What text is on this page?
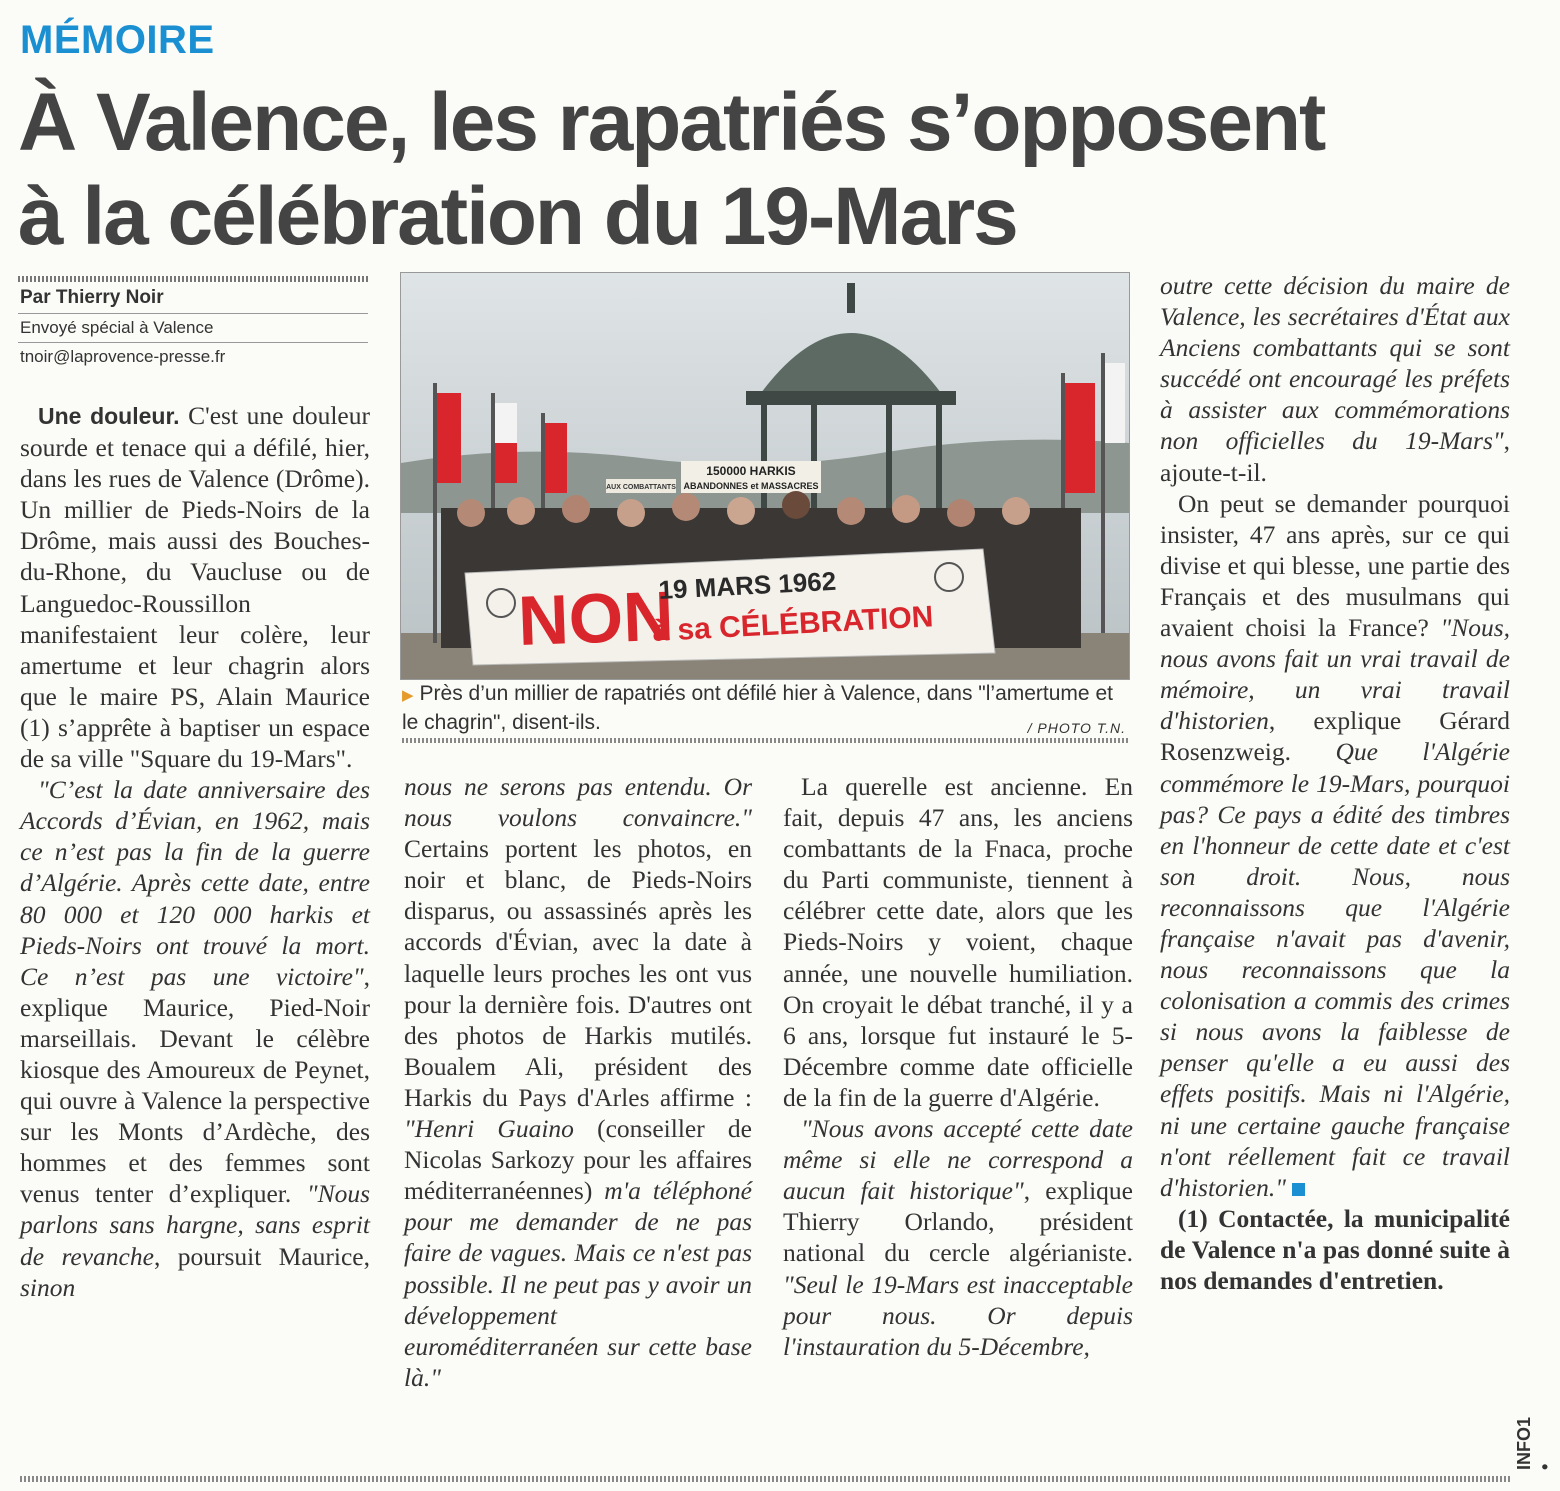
MÉMOIRE
À Valence, les rapatriés s’opposent
à la célébration du 19-Mars
Par Thierry Noir
Envoyé spécial à Valence
tnoir@laprovence-presse.fr

Une douleur. C'est une douleur sourde et tenace qui a défilé, hier, dans les rues de Valence (Drôme). Un millier de Pieds-Noirs de la Drôme, mais aussi des Bouches-du-Rhone, du Vaucluse ou de Languedoc-Roussillon manifestaient leur colère, leur amertume et leur chagrin alors que le maire PS, Alain Maurice (1) s’apprête à baptiser un espace de sa ville "Square du 19-Mars".

"C’est la date anniversaire des Accords d’Évian, en 1962, mais ce n’est pas la fin de la guerre d’Algérie. Après cette date, entre 80 000 et 120 000 harkis et Pieds-Noirs ont trouvé la mort. Ce n’est pas une victoire", explique Maurice, Pied-Noir marseillais. Devant le célèbre kiosque des Amoureux de Peynet, qui ouvre à Valence la perspective sur les Monts d’Ardèche, des hommes et des femmes sont venus tenter d’expliquer. "Nous parlons sans hargne, sans esprit de revanche, poursuit Maurice, sinon

150000 HARKIS
ABANDONNES et MASSACRES
AUX COMBATTANTS
NON
19 MARS 1962
à sa CÉLÉBRATION
▶ Près d’un millier de rapatriés ont défilé hier à Valence, dans "l’amertume et le chagrin", disent-ils.	/ PHOTO T.N.

nous ne serons pas entendu. Or nous voulons convaincre." Certains portent les photos, en noir et blanc, de Pieds-Noirs disparus, ou assassinés après les accords d'Évian, avec la date à laquelle leurs proches les ont vus pour la dernière fois. D'autres ont des photos de Harkis mutilés. Boualem Ali, président des Harkis du Pays d'Arles affirme : "Henri Guaino (conseiller de Nicolas Sarkozy pour les affaires méditerranéennes) m'a téléphoné pour me demander de ne pas faire de vagues. Mais ce n'est pas possible. Il ne peut pas y avoir un développement euroméditerranéen sur cette base là."

La querelle est ancienne. En fait, depuis 47 ans, les anciens combattants de la Fnaca, proche du Parti communiste, tiennent à célébrer cette date, alors que les Pieds-Noirs y voient, chaque année, une nouvelle humiliation. On croyait le débat tranché, il y a 6 ans, lorsque fut instauré le 5-Décembre comme date officielle de la fin de la guerre d'Algérie.

"Nous avons accepté cette date même si elle ne correspond a aucun fait historique", explique Thierry Orlando, président national du cercle algérianiste. "Seul le 19-Mars est inacceptable pour nous. Or depuis l'instauration du 5-Décembre,

outre cette décision du maire de Valence, les secrétaires d'État aux Anciens combattants qui se sont succédé ont encouragé les préfets à assister aux commémorations non officielles du 19-Mars", ajoute-t-il.

On peut se demander pourquoi insister, 47 ans après, sur ce qui divise et qui blesse, une partie des Français et des musulmans qui avaient choisi la France? "Nous, nous avons fait un vrai travail de mémoire, un vrai travail d'historien, explique Gérard Rosenzweig. Que l'Algérie commémore le 19-Mars, pourquoi pas? Ce pays a édité des timbres en l'honneur de cette date et c'est son droit. Nous, nous reconnaissons que l'Algérie française n'avait pas d'avenir, nous reconnaissons que la colonisation a commis des crimes si nous avons la faiblesse de penser qu'elle a eu aussi des effets positifs. Mais ni l'Algérie, ni une certaine gauche française n'ont réellement fait ce travail d'historien."

(1) Contactée, la municipalité de Valence n'a pas donné suite à nos demandes d'entretien.

INFO1 •
